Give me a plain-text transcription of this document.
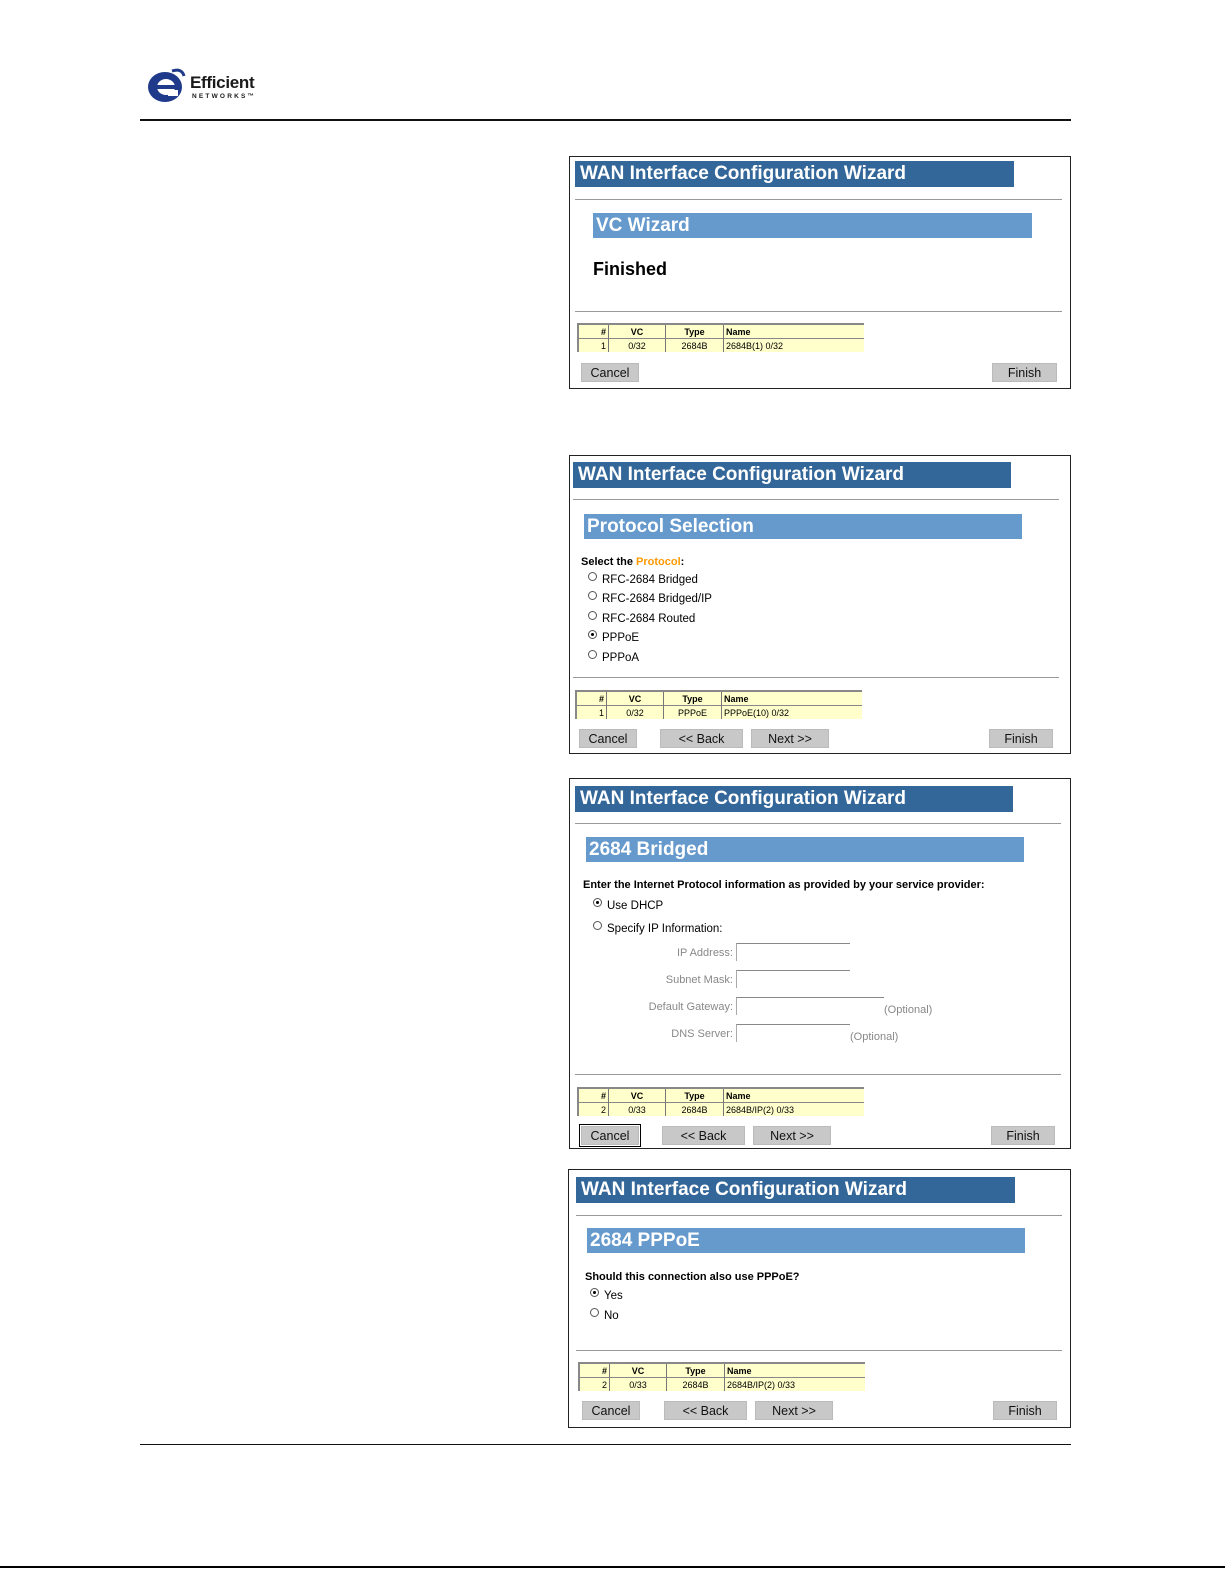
Efficient
NETWORKS™
WAN Interface Configuration Wizard
VC Wizard
Finished
#	VC	Type	Name
1	0/32	2684B	2684B(1) 0/32
Cancel	Finish
WAN Interface Configuration Wizard
Protocol Selection
Select the Protocol:
RFC-2684 Bridged
RFC-2684 Bridged/IP
RFC-2684 Routed
PPPoE
PPPoA
#	VC	Type	Name
1	0/32	PPPoE	PPPoE(10) 0/32
Cancel	<< Back	Next >>	Finish
WAN Interface Configuration Wizard
2684 Bridged
Enter the Internet Protocol information as provided by your service provider:
Use DHCP
Specify IP Information:
IP Address:
Subnet Mask:
Default Gateway:	(Optional)
DNS Server:	(Optional)
#	VC	Type	Name
2	0/33	2684B	2684B/IP(2) 0/33
Cancel	<< Back	Next >>	Finish
WAN Interface Configuration Wizard
2684 PPPoE
Should this connection also use PPPoE?
Yes
No
#	VC	Type	Name
2	0/33	2684B	2684B/IP(2) 0/33
Cancel	<< Back	Next >>	Finish
